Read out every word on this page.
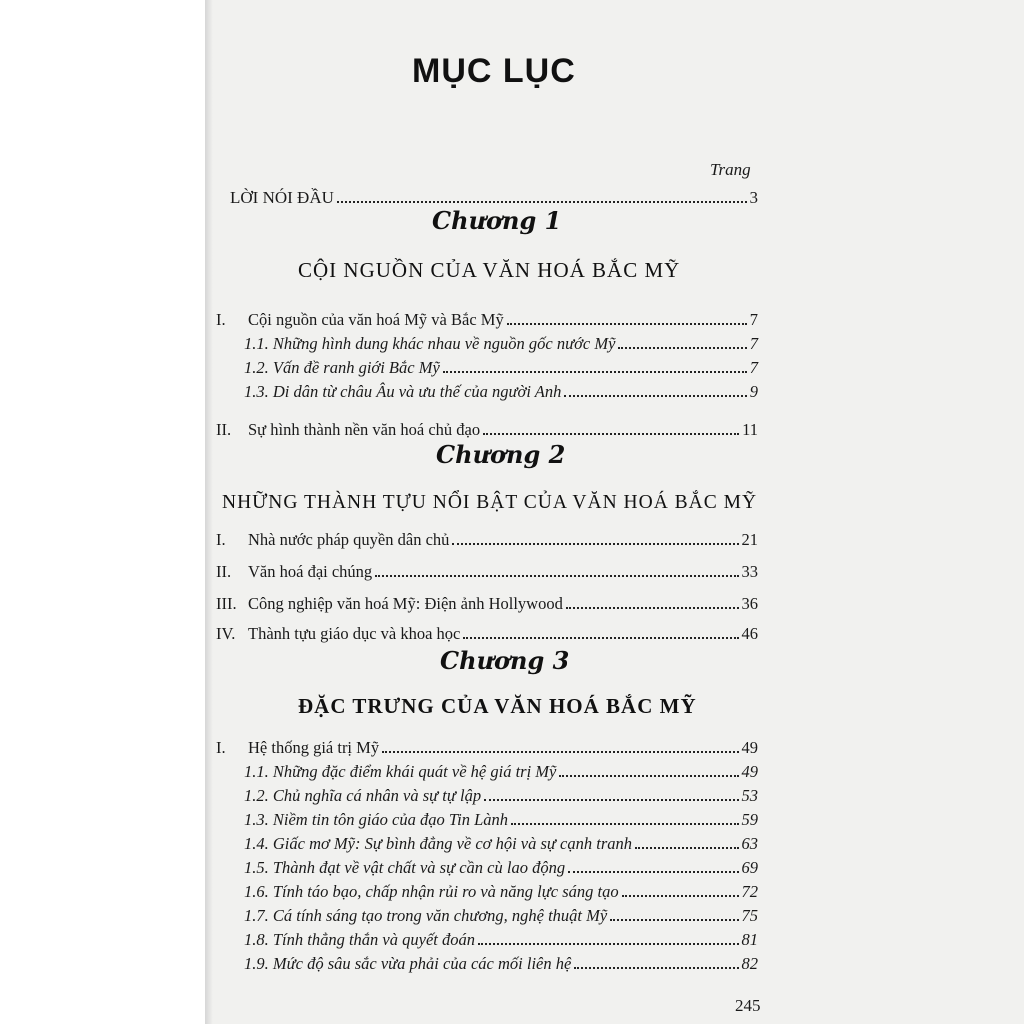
MỤC LỤC
Trang
LỜI NÓI ĐẦU	3
Chương 1
CỘI NGUỒN CỦA VĂN HOÁ BẮC MỸ
I.	Cội nguồn của văn hoá Mỹ và Bắc Mỹ	7
1.1. Những hình dung khác nhau về nguồn gốc nước Mỹ	7
1.2. Vấn đề ranh giới Bắc Mỹ	7
1.3. Di dân từ châu Âu và ưu thế của người Anh	9
II.	Sự hình thành nền văn hoá chủ đạo	11
Chương 2
NHỮNG THÀNH TỰU NỔI BẬT CỦA VĂN HOÁ BẮC MỸ
I.	Nhà nước pháp quyền dân chủ	21
II.	Văn hoá đại chúng	33
III. Công nghiệp văn hoá Mỹ: Điện ảnh Hollywood	36
IV. Thành tựu giáo dục và khoa học	46
Chương 3
ĐẶC TRƯNG CỦA VĂN HOÁ BẮC MỸ
I.	Hệ thống giá trị Mỹ	49
1.1. Những đặc điểm khái quát về hệ giá trị Mỹ	49
1.2. Chủ nghĩa cá nhân và sự tự lập	53
1.3. Niềm tin tôn giáo của đạo Tin Lành	59
1.4. Giấc mơ Mỹ: Sự bình đẳng về cơ hội và sự cạnh tranh	63
1.5. Thành đạt về vật chất và sự cần cù lao động	69
1.6. Tính táo bạo, chấp nhận rủi ro và năng lực sáng tạo	72
1.7. Cá tính sáng tạo trong văn chương, nghệ thuật Mỹ	75
1.8. Tính thẳng thắn và quyết đoán	81
1.9. Mức độ sâu sắc vừa phải của các mối liên hệ	82
245
